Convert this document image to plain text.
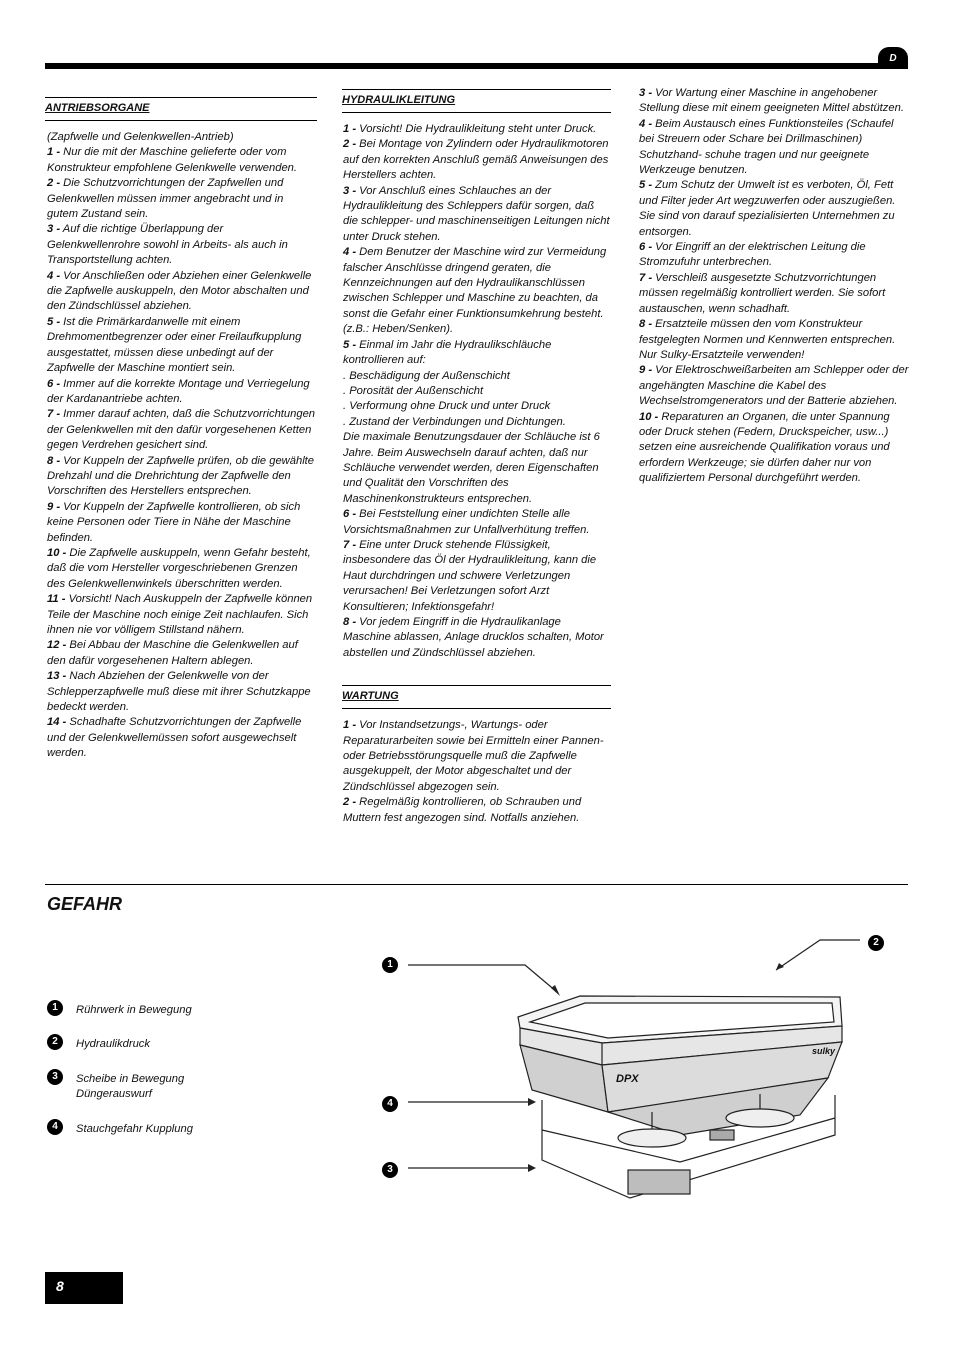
D
ANTRIEBSORGANE

(Zapfwelle und Gelenkwellen-Antrieb)

1 - Nur die mit der Maschine gelieferte oder vom Konstrukteur empfohlene Gelenkwelle verwenden.

2 - Die Schutzvorrichtungen der Zapfwellen und Gelenkwellen müssen immer angebracht und in gutem Zustand sein.

3 - Auf die richtige Überlappung der Gelenkwellenrohre sowohl in Arbeits- als auch in Transportstellung achten.

4 - Vor Anschließen oder Abziehen einer Gelenkwelle die Zapfwelle auskuppeln, den Motor abschalten und den Zündschlüssel abziehen.

5 - Ist die Primärkardanwelle mit einem Drehmomentbegrenzer oder einer Freilaufkupplung ausgestattet, müssen diese unbedingt auf der Zapfwelle der Maschine montiert sein.

6 - Immer auf die korrekte Montage und Verriegelung der Kardanantriebe achten.

7 - Immer darauf achten, daß die Schutzvorrichtungen der Gelenkwellen mit den dafür vorgesehenen Ketten gegen Verdrehen gesichert sind.

8 - Vor Kuppeln der Zapfwelle prüfen, ob die gewählte Drehzahl und die Drehrichtung der Zapfwelle den Vorschriften des Herstellers entsprechen.

9 - Vor Kuppeln der Zapfwelle kontrollieren, ob sich keine Personen oder Tiere in Nähe der Maschine befinden.

10 - Die Zapfwelle auskuppeln, wenn Gefahr besteht, daß die vom Hersteller vorgeschriebenen Grenzen des Gelenkwellenwinkels überschritten werden.

11 - Vorsicht! Nach Auskuppeln der Zapfwelle können Teile der Maschine noch einige Zeit nachlaufen. Sich ihnen nie vor völligem Stillstand nähern.

12 - Bei Abbau der Maschine die Gelenkwellen auf den dafür vorgesehenen Haltern ablegen.

13 - Nach Abziehen der Gelenkwelle von der Schlepperzapfwelle muß diese mit ihrer Schutzkappe bedeckt werden.

14 - Schadhafte Schutzvorrichtungen der Zapfwelle und der Gelenkwellemüssen sofort ausgewechselt werden.

HYDRAULIKLEITUNG

1 - Vorsicht! Die Hydraulikleitung steht unter Druck.

2 - Bei Montage von Zylindern oder Hydraulikmotoren auf den korrekten Anschluß gemäß Anweisungen des Herstellers achten.

3 - Vor Anschluß eines Schlauches an der Hydraulikleitung des Schleppers dafür sorgen, daß die schlepper- und maschinenseitigen Leitungen nicht unter Druck stehen.

4 - Dem Benutzer der Maschine wird zur Vermeidung falscher Anschlüsse dringend geraten, die Kennzeichnungen auf den Hydraulikanschlüssen zwischen Schlepper und Maschine zu beachten, da sonst die Gefahr einer Funktionsumkehrung besteht. (z.B.: Heben/Senken).

5 - Einmal im Jahr die Hydraulikschläuche kontrollieren auf:

. Beschädigung der Außenschicht

. Porosität der Außenschicht

. Verformung ohne Druck und unter Druck

. Zustand der Verbindungen und Dichtungen.

Die maximale Benutzungsdauer der Schläuche ist 6 Jahre. Beim Auswechseln darauf achten, daß nur Schläuche verwendet werden, deren Eigenschaften und Qualität den Vorschriften des Maschinenkonstrukteurs entsprechen.

6 - Bei Feststellung einer undichten Stelle alle Vorsichtsmaßnahmen zur Unfallverhütung treffen.

7 - Eine unter Druck stehende Flüssigkeit, insbesondere das Öl der Hydraulikleitung, kann die Haut durchdringen und schwere Verletzungen verursachen! Bei Verletzungen sofort Arzt Konsultieren; Infektionsgefahr!

8 - Vor jedem Eingriff in die Hydraulikanlage Maschine ablassen, Anlage drucklos schalten, Motor abstellen und Zündschlüssel abziehen.

WARTUNG

1 - Vor Instandsetzungs-, Wartungs- oder Reparaturarbeiten sowie bei Ermitteln einer Pannen- oder Betriebsstörungsquelle muß die Zapfwelle ausgekuppelt, der Motor abgeschaltet und der Zündschlüssel abgezogen sein.

2 - Regelmäßig kontrollieren, ob Schrauben und Muttern fest angezogen sind. Notfalls anziehen.

3 - Vor Wartung einer Maschine in angehobener Stellung diese mit einem geeigneten Mittel abstützen.

4 - Beim Austausch eines Funktionsteiles (Schaufel bei Streuern oder Schare bei Drillmaschinen) Schutzhand- schuhe tragen und nur geeignete Werkzeuge benutzen.

5 - Zum Schutz der Umwelt ist es verboten, Öl, Fett und Filter jeder Art wegzuwerfen oder auszugießen. Sie sind von darauf spezialisierten Unternehmen zu entsorgen.

6 - Vor Eingriff an der elektrischen Leitung die Stromzufuhr unterbrechen.

7 - Verschleiß ausgesetzte Schutzvorrichtungen müssen regelmäßig kontrolliert werden. Sie sofort austauschen, wenn schadhaft.

8 - Ersatzteile müssen den vom Konstrukteur festgelegten Normen und Kennwerten entsprechen. Nur Sulky-Ersatzteile verwenden!

9 - Vor Elektroschweißarbeiten am Schlepper oder der angehängten Maschine die Kabel des Wechselstromgenerators und der Batterie abziehen.

10 - Reparaturen an Organen, die unter Spannung oder Druck stehen (Federn, Druckspeicher, usw...) setzen eine ausreichende Qualifikation voraus und erfordern Werkzeuge; sie dürfen daher nur von qualifiziertem Personal durchgeführt werden.

GEFAHR
1	Rührwerk in Bewegung
2	Hydraulikdruck
3	Scheibe in Bewegung
Düngerauswurf
4	Stauchgefahr Kupplung
1
2
4
3
DPX
sulky
8
